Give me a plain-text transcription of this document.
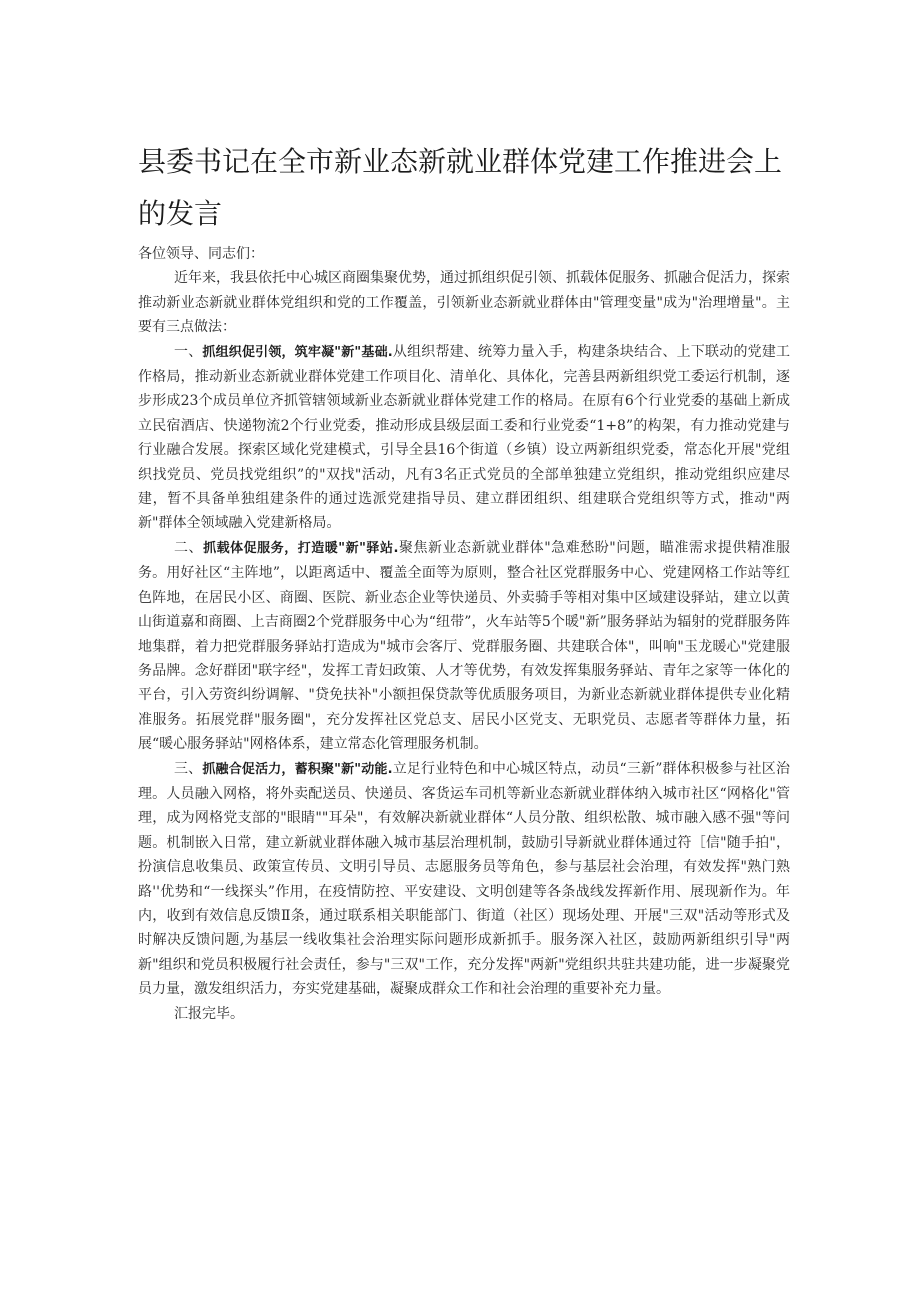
县委书记在全市新业态新就业群体党建工作推进会上的发言

各位领导、同志们：

近年来，我县依托中心城区商圈集聚优势，通过抓组织促引领、抓载体促服务、抓融合促活力，探索推动新业态新就业群体党组织和党的工作覆盖，引领新业态新就业群体由"管理变量"成为"治理增量"。主要有三点做法：

一、抓组织促引领，筑牢凝"新"基础.从组织帮建、统筹力量入手，构建条块结合、上下联动的党建工作格局，推动新业态新就业群体党建工作项目化、清单化、具体化，完善县两新组织党工委运行机制，逐步形成23个成员单位齐抓管辖领域新业态新就业群体党建工作的格局。在原有6个行业党委的基础上新成立民宿酒店、快递物流2个行业党委，推动形成县级层面工委和行业党委“1+8”的构架，有力推动党建与行业融合发展。探索区域化党建模式，引导全县16个街道（乡镇）设立两新组织党委，常态化开展"党组织找党员、党员找党组织”的"双找"活动，凡有3名正式党员的全部单独建立党组织，推动党组织应建尽建，暂不具备单独组建条件的通过选派党建指导员、建立群团组织、组建联合党组织等方式，推动"两新"群体全领域融入党建新格局。

二、抓载体促服务，打造暖"新"驿站.聚焦新业态新就业群体"急难愁盼"问题，瞄准需求提供精准服务。用好社区“主阵地”，以距离适中、覆盖全面等为原则，整合社区党群服务中心、党建网格工作站等红色阵地，在居民小区、商圈、医院、新业态企业等快递员、外卖骑手等相对集中区域建设驿站，建立以黄山街道嘉和商圈、上吉商圈2个党群服务中心为“纽带”，火车站等5个暖"新”服务驿站为辐射的党群服务阵地集群，着力把党群服务驿站打造成为"城市会客厅、党群服务圈、共建联合体"，叫响"玉龙暖心"党建服务品牌。念好群团"联字经"，发挥工青妇政策、人才等优势，有效发挥集服务驿站、青年之家等一体化的平台，引入劳资纠纷调解、"贷免扶补"小额担保贷款等优质服务项目，为新业态新就业群体提供专业化精准服务。拓展党群"服务圈"，充分发挥社区党总支、居民小区党支、无职党员、志愿者等群体力量，拓展“暖心服务驿站"网格体系，建立常态化管理服务机制。

三、抓融合促活力，蓄积聚"新"动能.立足行业特色和中心城区特点，动员“三新”群体积极参与社区治理。人员融入网格，将外卖配送员、快递员、客货运车司机等新业态新就业群体纳入城市社区“网格化"管理，成为网格党支部的"眼睛""耳朵"，有效解决新就业群体“人员分散、组织松散、城市融入感不强"等问题。机制嵌入日常，建立新就业群体融入城市基层治理机制，鼓励引导新就业群体通过符［信"随手拍"，扮演信息收集员、政策宣传员、文明引导员、志愿服务员等角色，参与基层社会治理，有效发挥"熟门熟路''优势和“一线探头”作用，在疫情防控、平安建设、文明创建等各条战线发挥新作用、展现新作为。年内，收到有效信息反馈Ⅱ条，通过联系相关职能部门、街道（社区）现场处理、开展"三双"活动等形式及时解决反馈问题,为基层一线收集社会治理实际问题形成新抓手。服务深入社区，鼓励两新组织引导"两新"组织和党员积极履行社会责任，参与"三双"工作，充分发挥"两新"党组织共驻共建功能，进一步凝聚党员力量，激发组织活力，夯实党建基础，凝聚成群众工作和社会治理的重要补充力量。

汇报完毕。
